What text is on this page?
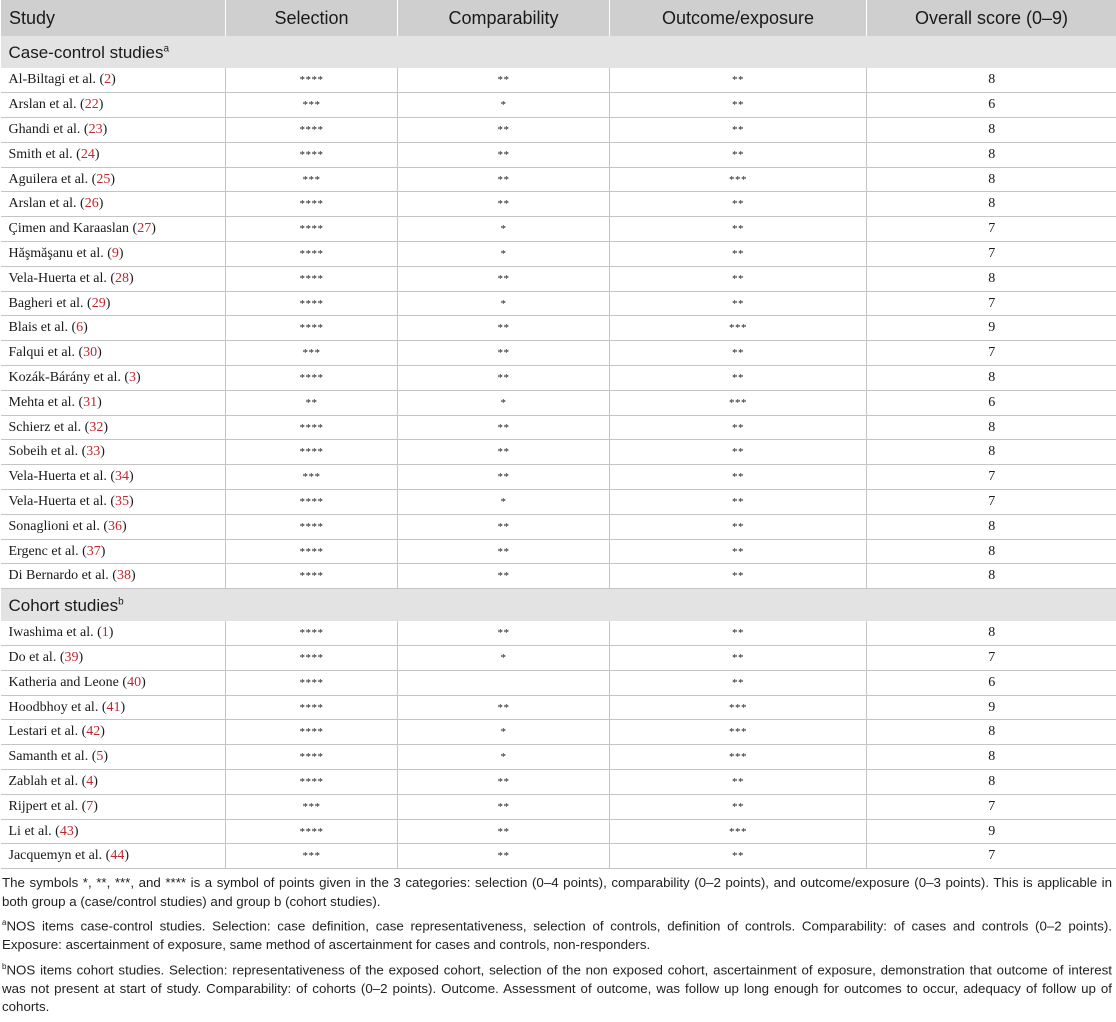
Study	Selection	Comparability	Outcome/exposure	Overall score (0–9)
Case-control studies$^a$
Al-Biltagi et al. (2)	****	**	**	8
Arslan et al. (22)	***	*	**	6
Ghandi et al. (23)	****	**	**	8
Smith et al. (24)	****	**	**	8
Aguilera et al. (25)	***	**	***	8
Arslan et al. (26)	****	**	**	8
Çimen and Karaaslan (27)	****	*	**	7
Hăşmăşanu et al. (9)	****	*	**	7
Vela-Huerta et al. (28)	****	**	**	8
Bagheri et al. (29)	****	*	**	7
Blais et al. (6)	****	**	***	9
Falqui et al. (30)	***	**	**	7
Kozák-Bárány et al. (3)	****	**	**	8
Mehta et al. (31)	**	*	***	6
Schierz et al. (32)	****	**	**	8
Sobeih et al. (33)	****	**	**	8
Vela-Huerta et al. (34)	***	**	**	7
Vela-Huerta et al. (35)	****	*	**	7
Sonaglioni et al. (36)	****	**	**	8
Ergenc et al. (37)	****	**	**	8
Di Bernardo et al. (38)	****	**	**	8
Cohort studies$^b$
Iwashima et al. (1)	****	**	**	8
Do et al. (39)	****	*	**	7
Katheria and Leone (40)	****		**	6
Hoodbhoy et al. (41)	****	**	***	9
Lestari et al. (42)	****	*	***	8
Samanth et al. (5)	****	*	***	8
Zablah et al. (4)	****	**	**	8
Rijpert et al. (7)	***	**	**	7
Li et al. (43)	****	**	***	9
Jacquemyn et al. (44)	***	**	**	7

The symbols *, **, ***, and **** is a symbol of points given in the 3 categories: selection (0–4 points), comparability (0–2 points), and outcome/exposure (0–3 points). This is applicable in both group a (case/control studies) and group b (cohort studies).

$^a$NOS items case-control studies. Selection: case definition, case representativeness, selection of controls, definition of controls. Comparability: of cases and controls (0–2 points). Exposure: ascertainment of exposure, same method of ascertainment for cases and controls, non-responders.

$^b$NOS items cohort studies. Selection: representativeness of the exposed cohort, selection of the non exposed cohort, ascertainment of exposure, demonstration that outcome of interest was not present at start of study. Comparability: of cohorts (0–2 points). Outcome. Assessment of outcome, was follow up long enough for outcomes to occur, adequacy of follow up of cohorts.
